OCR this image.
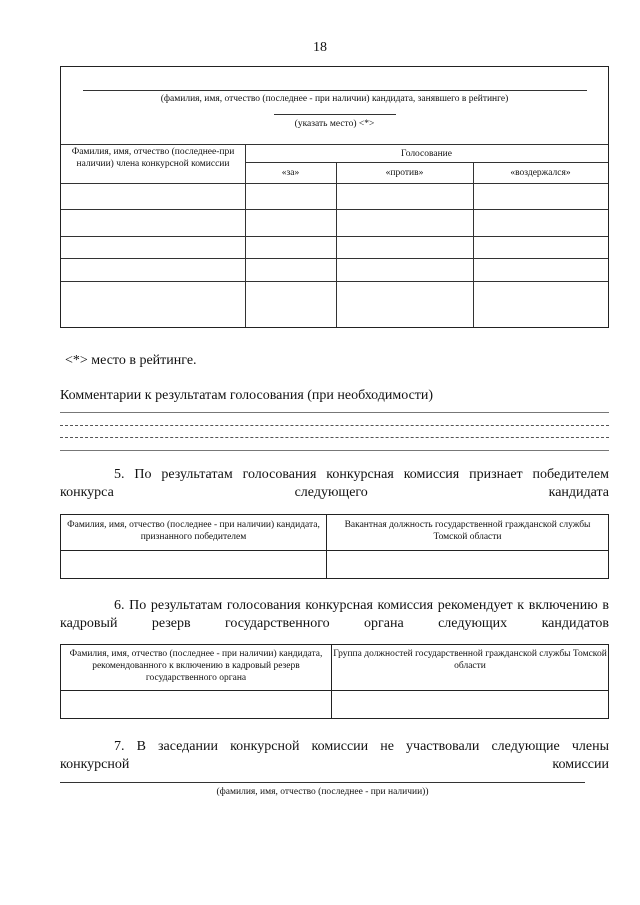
18
(фамилия, имя, отчество (последнее - при наличии) кандидата, занявшего в рейтинге)
(указать место) <*>
Фамилия, имя, отчество (последнее-при наличии) члена конкурсной комиссии
Голосование
«за»	«против»	«воздержался»
<*> место в рейтинге.
Комментарии к результатам голосования (при необходимости)
5. По результатам голосования конкурсная комиссия признает победителем конкурса следующего кандидата
Фамилия, имя, отчество (последнее - при наличии) кандидата, признанного победителем	Вакантная должность государственной гражданской службы Томской области

6. По результатам голосования конкурсная комиссия рекомендует к включению в кадровый резерв государственного органа следующих кандидатов
Фамилия, имя, отчество (последнее - при наличии) кандидата, рекомендованного к включению в кадровый резерв государственного органа	Группа должностей государственной гражданской службы Томской области

7. В заседании конкурсной комиссии не участвовали следующие члены конкурсной комиссии
(фамилия, имя, отчество (последнее - при наличии))
